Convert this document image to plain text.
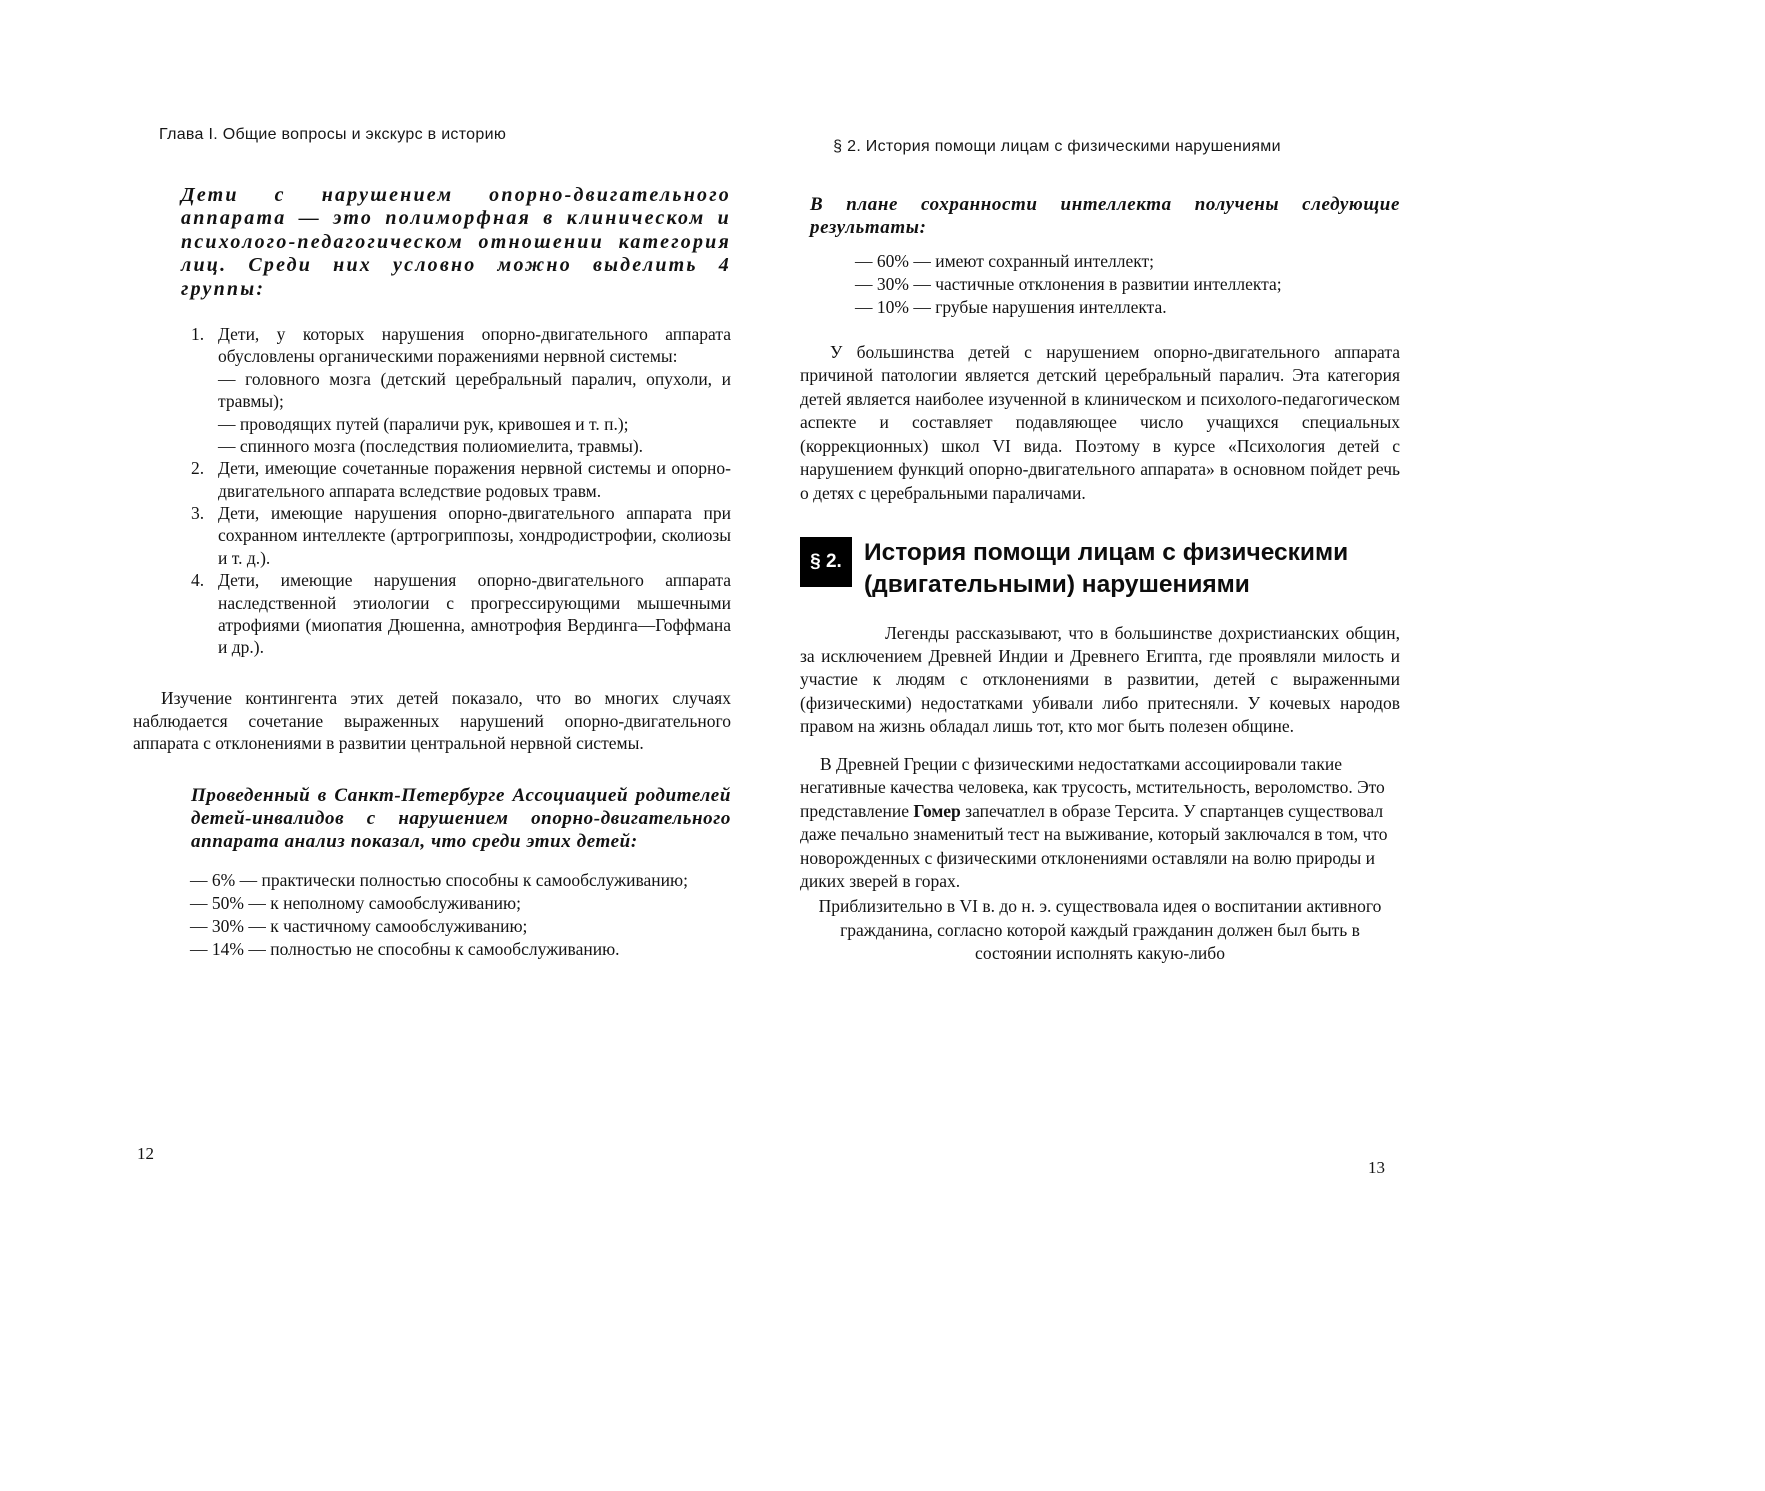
Глава I. Общие вопросы и экскурс в историю

Дети с нарушением опорно-двигательного аппарата — это полиморфная в клиническом и психолого-педагогическом отношении категория лиц. Среди них условно можно выделить 4 группы:

1. Дети, у которых нарушения опорно-двигательного аппарата обусловлены органическими поражениями нервной системы:
— головного мозга (детский церебральный паралич, опухоли, и травмы);
— проводящих путей (параличи рук, кривошея и т. п.);
— спинного мозга (последствия полиомиелита, травмы).
2. Дети, имеющие сочетанные поражения нервной системы и опорно-двигательного аппарата вследствие родовых травм.
3. Дети, имеющие нарушения опорно-двигательного аппарата при сохранном интеллекте (артрогриппозы, хондродистрофии, сколиозы и т. д.).
4. Дети, имеющие нарушения опорно-двигательного аппарата наследственной этиологии с прогрессирующими мышечными атрофиями (миопатия Дюшенна, амнотрофия Вердинга—Гоффмана и др.).

Изучение контингента этих детей показало, что во многих случаях наблюдается сочетание выраженных нарушений опорно-двигательного аппарата с отклонениями в развитии центральной нервной системы.

Проведенный в Санкт-Петербурге Ассоциацией родителей детей-инвалидов с нарушением опорно-двигательного аппарата анализ показал, что среди этих детей:

— 6% — практически полностью способны к самообслуживанию;
— 50% — к неполному самообслуживанию;
— 30% — к частичному самообслуживанию;
— 14% — полностью не способны к самообслуживанию.
§ 2. История помощи лицам с физическими нарушениями

В плане сохранности интеллекта получены следующие результаты:

— 60% — имеют сохранный интеллект;
— 30% — частичные отклонения в развитии интеллекта;
— 10% — грубые нарушения интеллекта.

У большинства детей с нарушением опорно-двигательного аппарата причиной патологии является детский церебральный паралич. Эта категория детей является наиболее изученной в клиническом и психолого-педагогическом аспекте и составляет подавляющее число учащихся специальных (коррекционных) школ VI вида. Поэтому в курсе «Психология детей с нарушением функций опорно-двигательного аппарата» в основном пойдет речь о детях с церебральными параличами.

§ 2. История помощи лицам с физическими (двигательными) нарушениями

Легенды рассказывают, что в большинстве дохристианских общин, за исключением Древней Индии и Древнего Египта, где проявляли милость и участие к людям с отклонениями в развитии, детей с выраженными (физическими) недостатками убивали либо притесняли. У кочевых народов правом на жизнь обладал лишь тот, кто мог быть полезен общине.

В Древней Греции с физическими недостатками ассоциировали такие негативные качества человека, как трусость, мстительность, вероломство. Это представление Гомер запечатлел в образе Терсита. У спартанцев существовал даже печально знаменитый тест на выживание, который заключался в том, что новорожденных с физическими отклонениями оставляли на волю природы и диких зверей в горах.

Приблизительно в VI в. до н. э. существовала идея о воспитании активного гражданина, согласно которой каждый гражданин должен был быть в состоянии исполнять какую-либо

12
13
